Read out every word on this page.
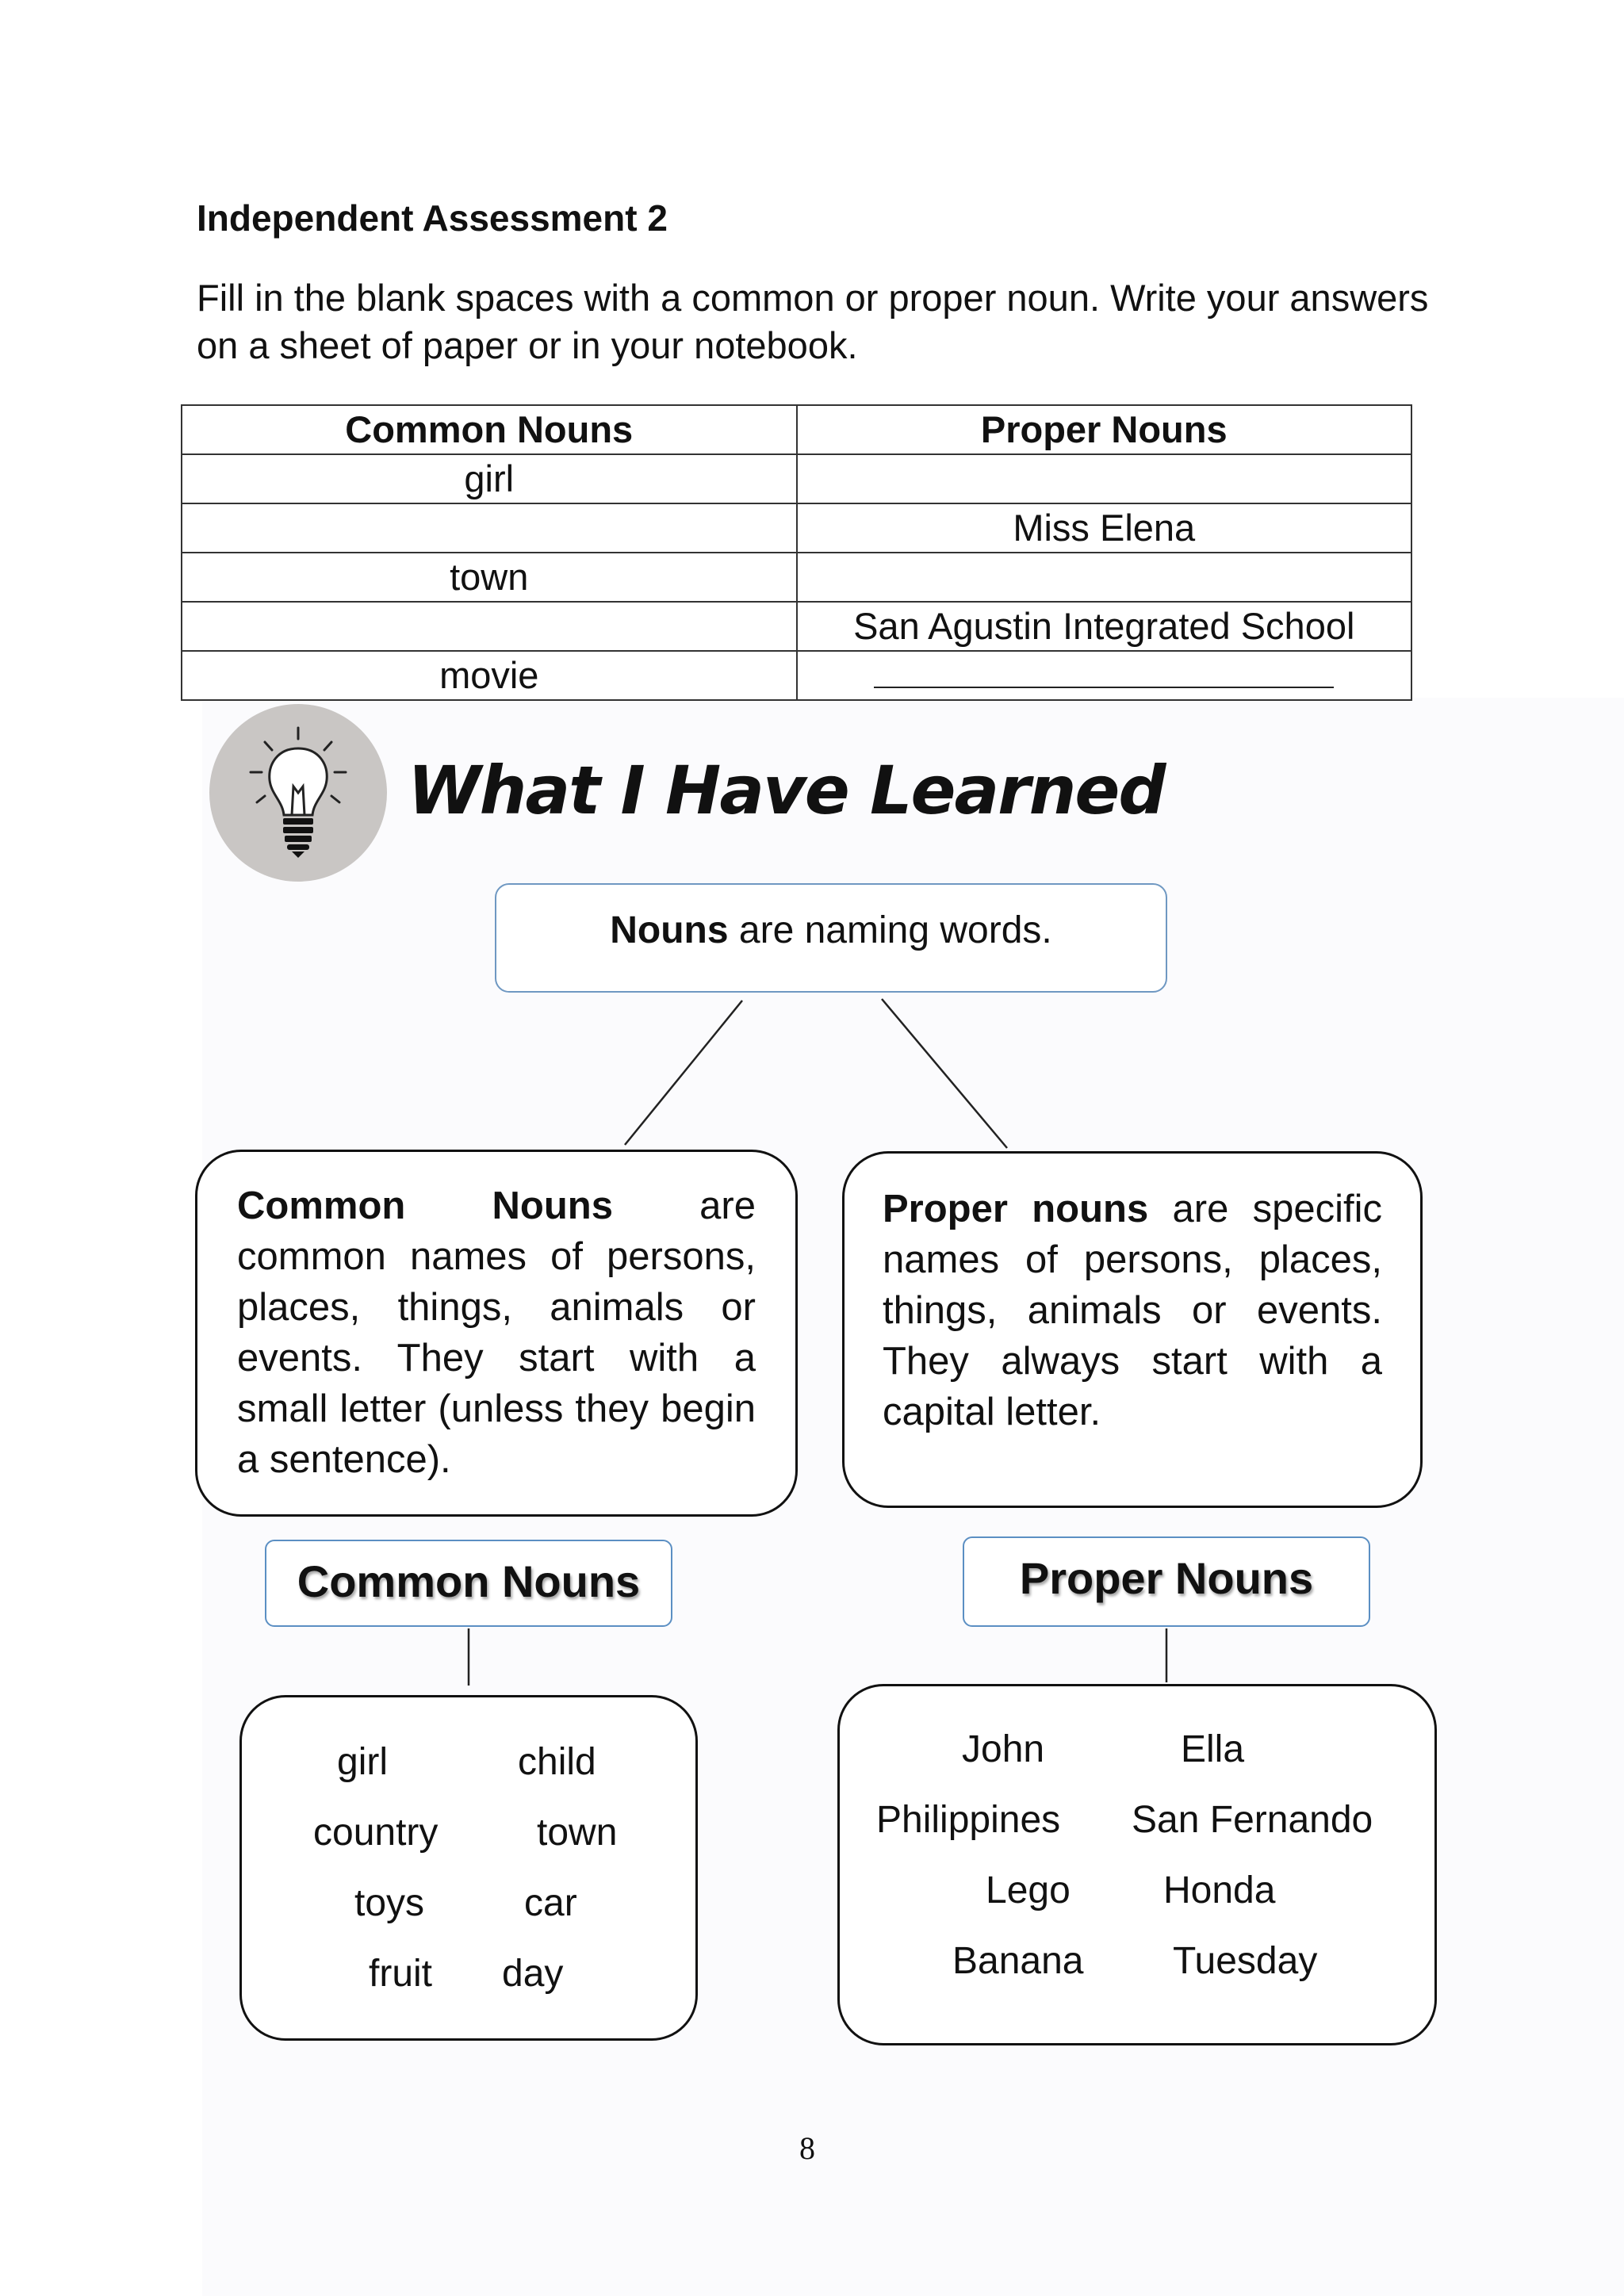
Independent Assessment 2
Fill in the blank spaces with a common or proper noun. Write your answers on a sheet of paper or in your notebook.
Common Nouns	Proper Nouns
girl	
	Miss Elena
town	
	San Agustin Integrated School
movie	
What I Have Learned
Nouns are naming words.
Common Nouns are common names of persons, places, things, animals or events. They start with a small letter (unless they begin a sentence).
Proper nouns are specific names of persons, places, things, animals or events. They always start with a capital letter.
Common Nouns	Proper Nouns
girl	child
country	town
toys	car
fruit day
John	Ella
Philippines San Fernando
Lego Honda
Banana Tuesday
8
